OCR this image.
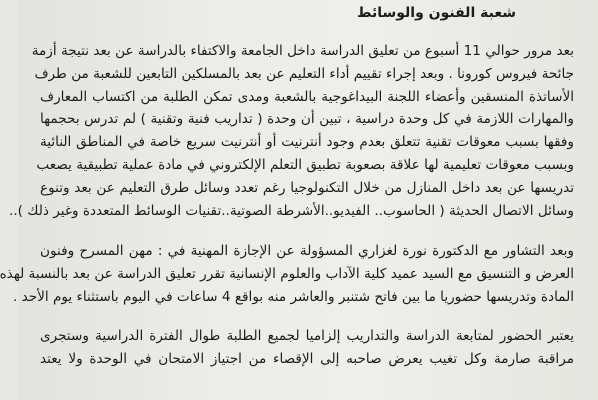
شعبة الفنون والوسائط
بعد مرور حوالي 11 أسبوع من تعليق الدراسة داخل الجامعة والاكتفاء بالدراسة عن بعد نتيجة أزمة
جائحة فيروس كورونا . وبعد إجراء تقييم أداء التعليم عن بعد بالمسلكين التابعين للشعبة من طرف
الأساتذة المنسقين وأعضاء اللجنة البيداغوجية بالشعبة ومدى تمكن الطلبة من اكتساب المعارف
والمهارات اللازمة في كل وحدة دراسية ، تبين أن وحدة ( تداريب فنية وتقنية ) لم تدرس بحجمها
وفقها بسبب معوقات تقنية تتعلق بعدم وجود أنترنيت أو أنترنيت سريع خاصة في المناطق النائية
وبسبب معوقات تعليمية لها علاقة بصعوبة تطبيق التعلم الإلكتروني في مادة عملية تطبيقية يصعب
تدريسها عن بعد داخل المنازل من خلال التكنولوجيا رغم تعدد وسائل طرق التعليم عن بعد وتنوع
وسائل الاتصال الحديثة ( الحاسوب.. الفيديو..الأشرطة الصوتية..تقنيات الوسائط المتعددة وغير ذلك )..
وبعد التشاور مع الدكتورة نورة لغزاري المسؤولة عن الإجازة المهنية في : مهن المسرح وفنون
العرض و التنسيق مع السيد عميد كلية الآداب والعلوم الإنسانية تقرر تعليق الدراسة عن بعد بالنسبة لهذه
المادة وتدريسها حضوريا ما بين فاتح شتنبر والعاشر منه بواقع 4 ساعات في اليوم باستثناء يوم الأحد .
يعتبر الحضور لمتابعة الدراسة والتداريب إلزاميا لجميع الطلبة طوال الفترة الدراسية وستجرى
مراقبة صارمة وكل تغيب يعرض صاحبه إلى الإقصاء من اجتياز الامتحان في الوحدة ولا يعتد
